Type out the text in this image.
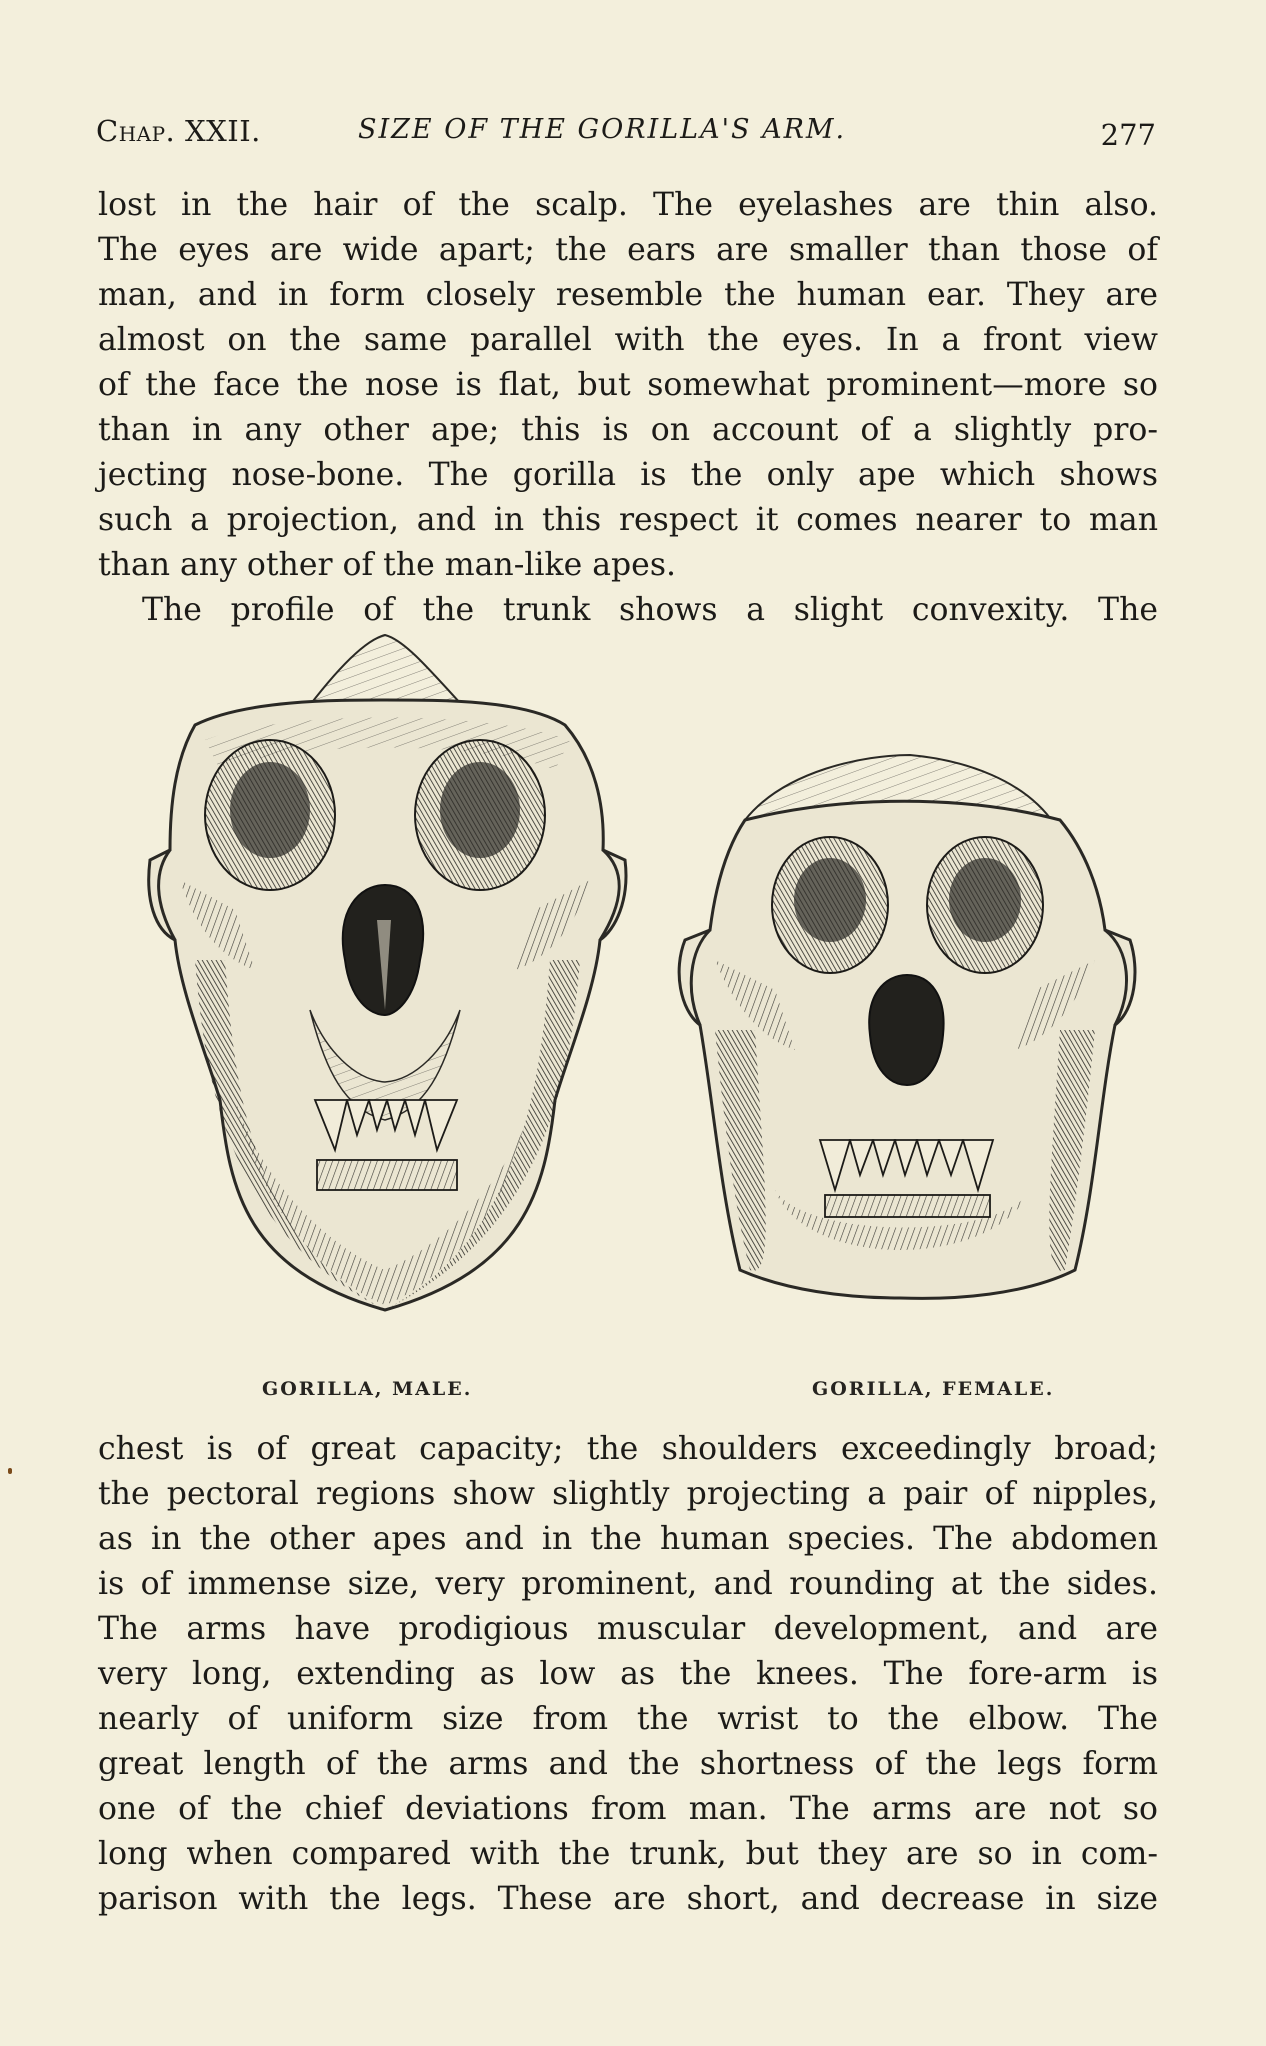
Chap. XXII.	SIZE OF THE GORILLA'S ARM.	277

lost in the hair of the scalp. The eyelashes are thin also.

The eyes are wide apart; the ears are smaller than those of

man, and in form closely resemble the human ear. They are

almost on the same parallel with the eyes. In a front view

of the face the nose is flat, but somewhat prominent—more so

than in any other ape; this is on account of a slightly pro-

jecting nose-bone. The gorilla is the only ape which shows

such a projection, and in this respect it comes nearer to man

than any other of the man-like apes.

The profile of the trunk shows a slight convexity. The

GORILLA, MALE.	GORILLA, FEMALE.

chest is of great capacity; the shoulders exceedingly broad;

the pectoral regions show slightly projecting a pair of nipples,

as in the other apes and in the human species. The abdomen

is of immense size, very prominent, and rounding at the sides.

The arms have prodigious muscular development, and are

very long, extending as low as the knees. The fore-arm is

nearly of uniform size from the wrist to the elbow. The

great length of the arms and the shortness of the legs form

one of the chief deviations from man. The arms are not so

long when compared with the trunk, but they are so in com-

parison with the legs. These are short, and decrease in size
